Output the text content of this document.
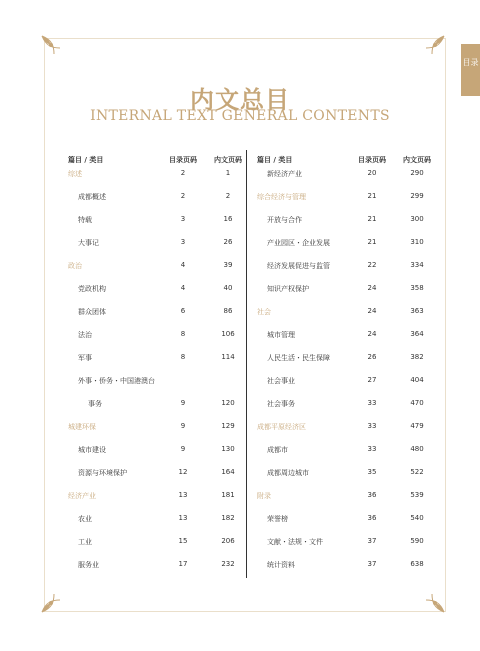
目录
内文总目
INTERNAL TEXT GENERAL CONTENTS
篇目 / 类目	目录页码 内文页码
综述	2	1
成都概述	2	2
特载	3	16
大事记	3	26
政治	4	39
党政机构	4	40
群众团体	6	86
法治	8	106
军事	8	114
外事・侨务・中国港澳台
事务	9	120
城建环保	9	129
城市建设	9	130
资源与环境保护	12	164
经济产业	13	181
农业	13	182
工业	15	206
服务业	17	232
篇目 / 类目	目录页码 内文页码
新经济产业	20	290
综合经济与管理	21	299
开放与合作	21	300
产业园区・企业发展	21	310
经济发展促进与监管	22	334
知识产权保护	24	358
社会	24	363
城市管理	24	364
人民生活・民生保障	26	382
社会事业	27	404
社会事务	33	470
成都平原经济区	33	479
成都市	33	480
成都周边城市	35	522
附录	36	539
荣誉榜	36	540
文献・法规・文件	37	590
统计资料	37	638
